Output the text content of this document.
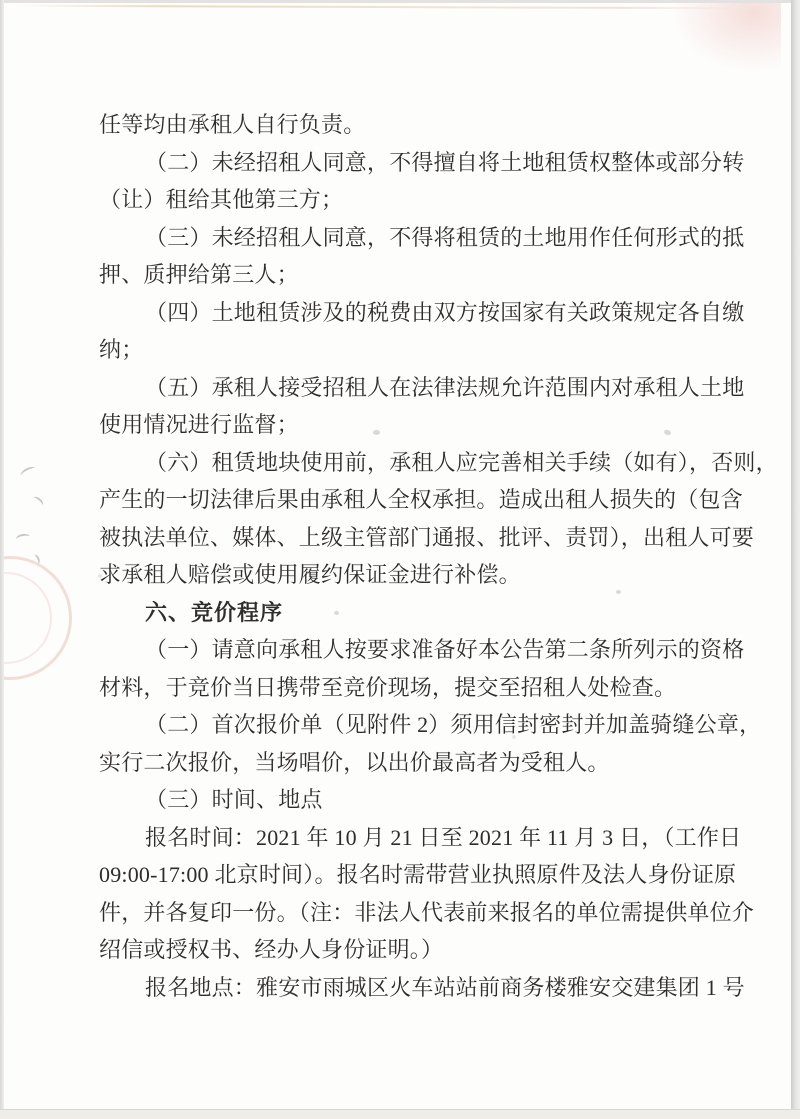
任等均由承租人自行负责。
（二）未经招租人同意，不得擅自将土地租赁权整体或部分转
（让）租给其他第三方；
（三）未经招租人同意，不得将租赁的土地用作任何形式的抵
押、质押给第三人；
（四）土地租赁涉及的税费由双方按国家有关政策规定各自缴
纳；
（五）承租人接受招租人在法律法规允许范围内对承租人土地
使用情况进行监督；
（六）租赁地块使用前，承租人应完善相关手续（如有），否则，
产生的一切法律后果由承租人全权承担。造成出租人损失的（包含
被执法单位、媒体、上级主管部门通报、批评、责罚），出租人可要
求承租人赔偿或使用履约保证金进行补偿。
六、竞价程序
（一）请意向承租人按要求准备好本公告第二条所列示的资格
材料，于竞价当日携带至竞价现场，提交至招租人处检查。
（二）首次报价单（见附件 2）须用信封密封并加盖骑缝公章，
实行二次报价，当场唱价，以出价最高者为受租人。
（三）时间、地点
报名时间：2021 年 10 月 21 日至 2021 年 11 月 3 日，（工作日
09:00-17:00 北京时间）。报名时需带营业执照原件及法人身份证原
件，并各复印一份。（注：非法人代表前来报名的单位需提供单位介
绍信或授权书、经办人身份证明。）
报名地点：雅安市雨城区火车站站前商务楼雅安交建集团 1 号
